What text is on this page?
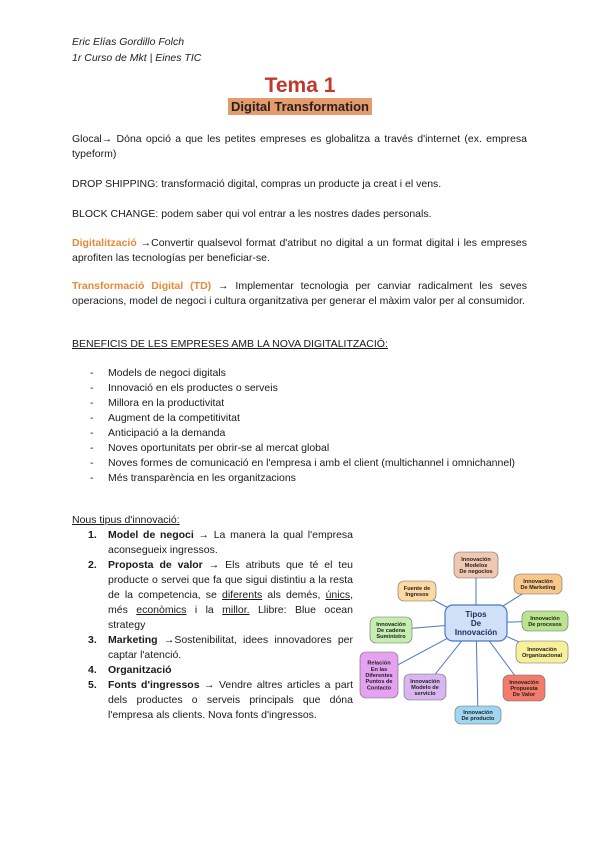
Eric Elías Gordillo Folch
1r Curso de Mkt | Eines TIC
Tema 1
Digital Transformation
Glocal→ Dóna opció a que les petites empreses es globalitza a través d'internet (ex. empresa typeform)
DROP SHIPPING: transformació digital, compras un producte ja creat i el vens.
BLOCK CHANGE: podem saber qui vol entrar a les nostres dades personals.
Digitalització →Convertir qualsevol format d'atribut no digital a un format digital i les empreses aprofiten las tecnologías per beneficiar-se.
Transformació Digital (TD) → Implementar tecnologia per canviar radicalment les seves operacions, model de negoci i cultura organitzativa per generar el màxim valor per al consumidor.
BENEFICIS DE LES EMPRESES AMB LA NOVA DIGITALITZACIÓ:
- Models de negoci digitals
- Innovació en els productes o serveis
- Millora en la productivitat
- Augment de la competitivitat
- Anticipació a la demanda
- Noves oportunitats per obrir-se al mercat global
- Noves formes de comunicació en l'empresa i amb el client (multichannel i omnichannel)
- Més transparència en les organitzacions
Nous tipus d'innovació:
1. Model de negoci → La manera la qual l'empresa aconsegueix ingressos.
2. Proposta de valor → Els atributs que té el teu producte o servei que fa que sigui distintiu a la resta de la competencia, se diferents als demés, únics, més econòmics i la millor. Llibre: Blue ocean strategy
3. Marketing →Sostenibilitat, idees innovadores per captar l'atenció.
4. Organització
5. Fonts d'ingressos → Vendre altres articles a part dels productes o serveis principals que dóna l'empresa als clients. Nova fonts d'ingressos.
Innovación
Modelos
De negocios
Innovación
De Marketing
Innovación
De procesos
Innovación
Organizacional
Innovación
Propuesta
De Valor
Innovación
De producto
Innovación
Modelo de
servicio
Relación
En las
Diferentes
Puntos de
Contacto
Innovación
De cadena
Suministro
Fuente de
Ingresos
Tipos
De
Innovación
